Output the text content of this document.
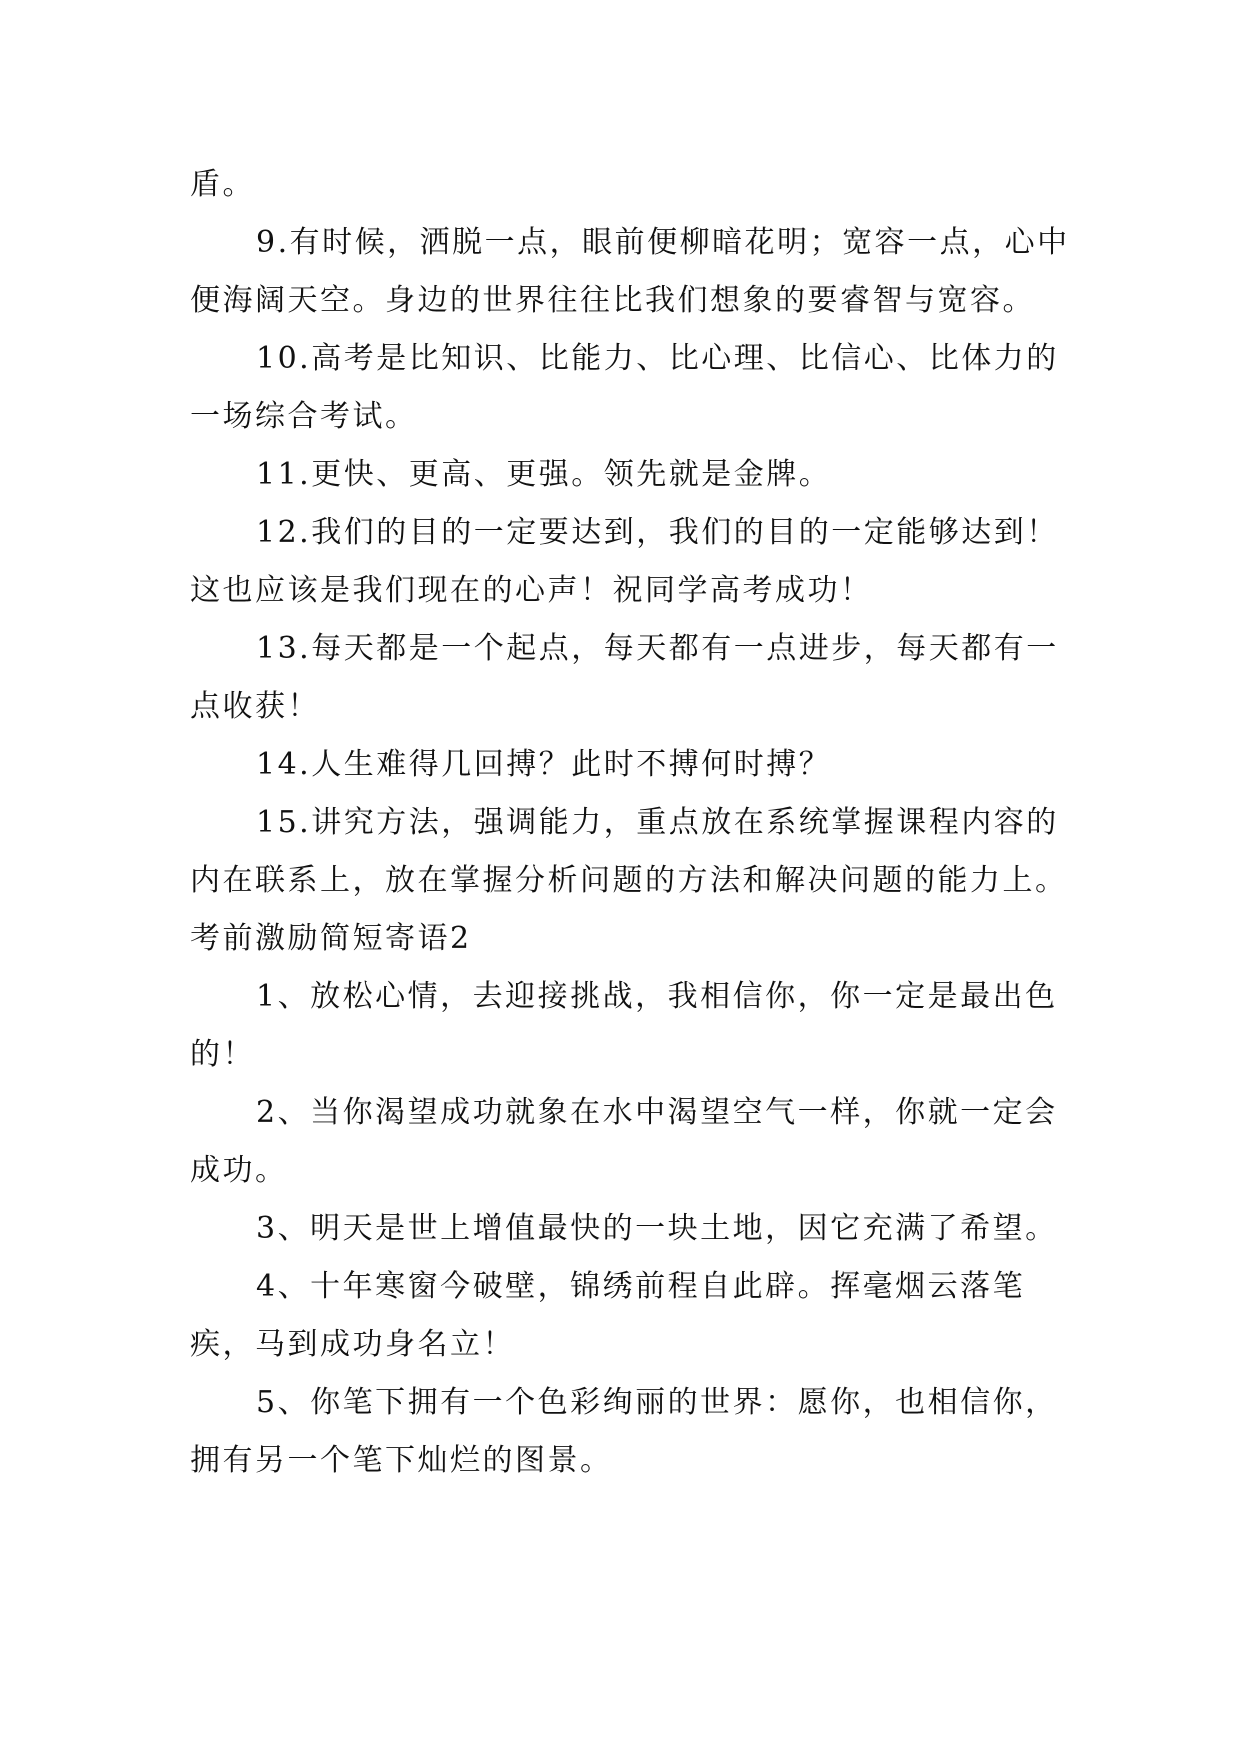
盾。

9.有时候，洒脱一点，眼前便柳暗花明；宽容一点，心中便海阔天空。身边的世界往往比我们想象的要睿智与宽容。

10.高考是比知识、比能力、比心理、比信心、比体力的一场综合考试。

11.更快、更高、更强。领先就是金牌。

12.我们的目的一定要达到，我们的目的一定能够达到！这也应该是我们现在的心声！祝同学高考成功！

13.每天都是一个起点，每天都有一点进步，每天都有一点收获！

14.人生难得几回搏？此时不搏何时搏？

15.讲究方法，强调能力，重点放在系统掌握课程内容的内在联系上，放在掌握分析问题的方法和解决问题的能力上。

考前激励简短寄语2

1、放松心情，去迎接挑战，我相信你，你一定是最出色的！

2、当你渴望成功就象在水中渴望空气一样，你就一定会成功。

3、明天是世上增值最快的一块土地，因它充满了希望。

4、十年寒窗今破壁，锦绣前程自此辟。挥毫烟云落笔疾，马到成功身名立！

5、你笔下拥有一个色彩绚丽的世界：愿你，也相信你，拥有另一个笔下灿烂的图景。
